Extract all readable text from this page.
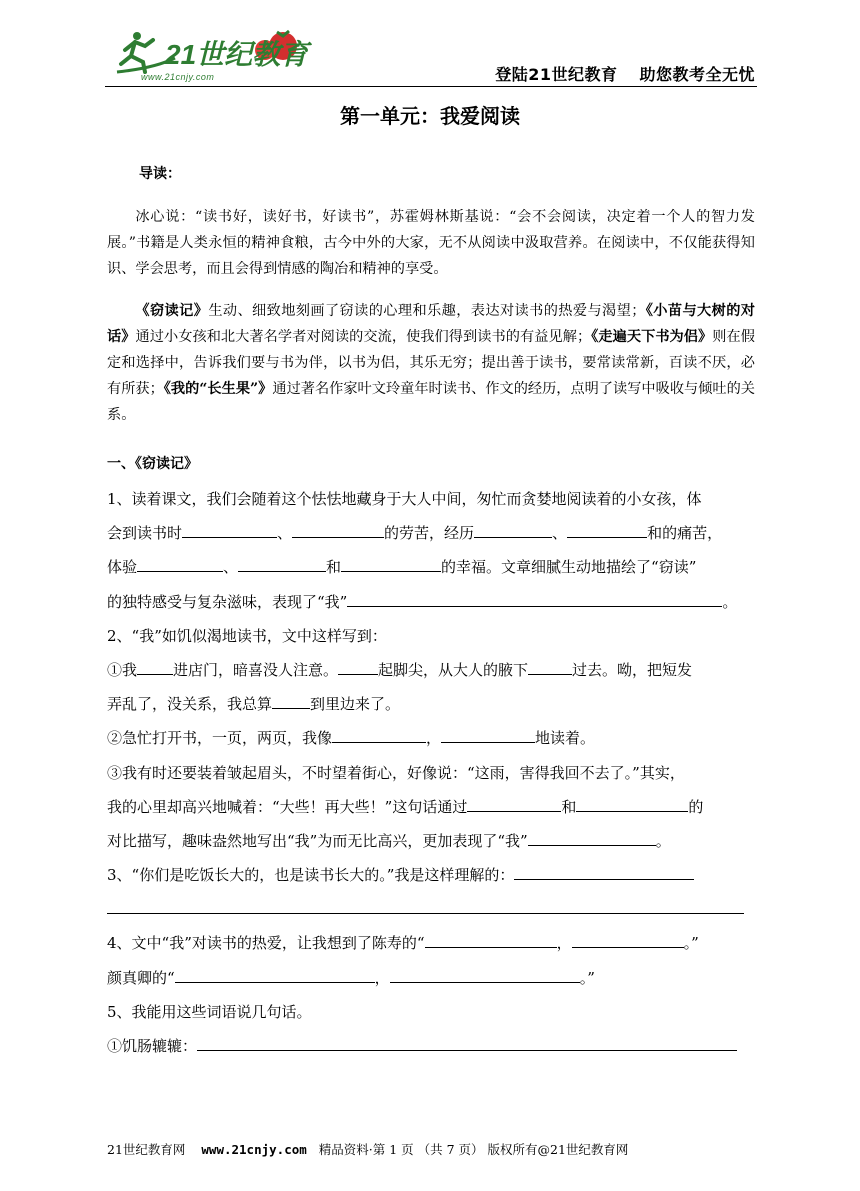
21世纪教育
www.21cnjy.com	登陆21世纪教育 助您教考全无忧
第一单元：我爱阅读
导读：

冰心说：“读书好，读好书，好读书”，苏霍姆林斯基说：“会不会阅读，决定着一个人的智力发展。”书籍是人类永恒的精神食粮，古今中外的大家，无不从阅读中汲取营养。在阅读中，不仅能获得知识、学会思考，而且会得到情感的陶冶和精神的享受。

《窃读记》生动、细致地刻画了窃读的心理和乐趣，表达对读书的热爱与渴望；《小苗与大树的对话》通过小女孩和北大著名学者对阅读的交流，使我们得到读书的有益见解；《走遍天下书为侣》则在假定和选择中，告诉我们要与书为伴，以书为侣，其乐无穷；提出善于读书，要常读常新，百读不厌，必有所获；《我的“长生果”》通过著名作家叶文玲童年时读书、作文的经历，点明了读写中吸收与倾吐的关系。

一、《窃读记》
1、读着课文，我们会随着这个怯怯地藏身于大人中间，匆忙而贪婪地阅读着的小女孩，体
会到读书时	、	的劳苦，经历	、	和的痛苦，
体验	、	和	的幸福。文章细腻生动地描绘了“窃读”
的独特感受与复杂滋味，表现了“我”	。
2、“我”如饥似渴地读书，文中这样写到：
①我 进店门，暗喜没人注意。	起脚尖，从大人的腋下	过去。呦，把短发
弄乱了，没关系，我总算	到里边来了。
②急忙打开书，一页，两页，我像	，	地读着。
③我有时还要装着皱起眉头，不时望着街心，好像说：“这雨，害得我回不去了。”其实，
我的心里却高兴地喊着：“大些！再大些！”这句话通过	和	的
对比描写，趣味盎然地写出“我”为而无比高兴，更加表现了“我”	。
3、“你们是吃饭长大的，也是读书长大的。”我是这样理解的：
4、文中“我”对读书的热爱，让我想到了陈寿的“	，	。”
颜真卿的“	，	。”
5、我能用这些词语说几句话。
①饥肠辘辘：
21世纪教育网 www.21cnjy.com 精品资料·第 1 页 （共 7 页） 版权所有@21世纪教育网
